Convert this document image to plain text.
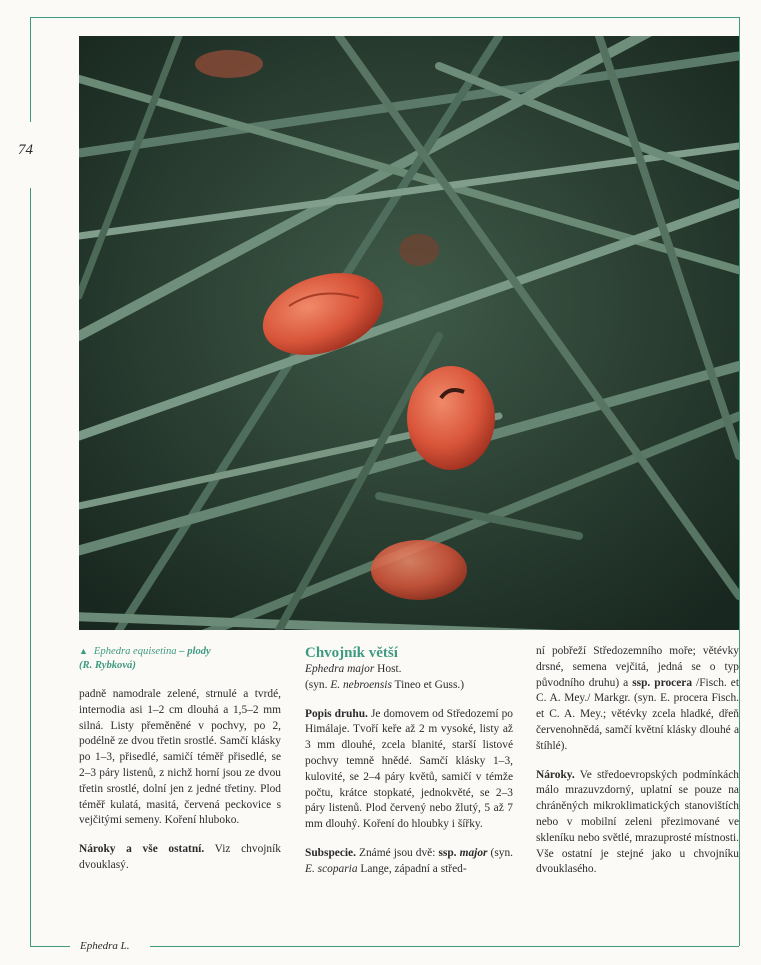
74

▲ Ephedra equisetina – plody
(R. Rybková)

padně namodrale zelené, strnulé a tvrdé, internodia asi 1–2 cm dlouhá a 1,5–2 mm silná. Listy přeměněné v pochvy, po 2, podélně ze dvou třetin srostlé. Samčí klásky po 1–3, přisedlé, samičí téměř přisedlé, se 2–3 páry listenů, z nichž horní jsou ze dvou třetin srostlé, dolní jen z jedné třetiny. Plod téměř kulatá, masitá, červená peckovice s vejčitými semeny. Koření hluboko.

Nároky a vše ostatní. Viz chvojník dvouklasý.

Chvojník větší

Ephedra major Host.
(syn. E. nebroensis Tineo et Guss.)

Popis druhu. Je domovem od Středozemí po Himálaje. Tvoří keře až 2 m vysoké, listy až 3 mm dlouhé, zcela blanité, starší listové pochvy temně hnědé. Samčí klásky 1–3, kulovité, se 2–4 páry květů, samičí v témže počtu, krátce stopkaté, jednokvěté, se 2–3 páry listenů. Plod červený nebo žlutý, 5 až 7 mm dlouhý. Koření do hloubky i šířky.

Subspecie. Známé jsou dvě: ssp. major (syn. E. scoparia Lange, západní a střed-

ní pobřeží Středozemního moře; větévky drsné, semena vejčitá, jedná se o typ původního druhu) a ssp. procera /Fisch. et C. A. Mey./ Markgr. (syn. E. procera Fisch. et C. A. Mey.; větévky zcela hladké, dřeň červenohnědá, samčí květní klásky dlouhé a štíhlé).

Nároky. Ve středoevropských podmínkách málo mrazuvzdorný, uplatní se pouze na chráněných mikroklimatických stanovištích nebo v mobilní zeleni přezimované ve skleníku nebo světlé, mrazuprosté místnosti. Vše ostatní je stejné jako u chvojníku dvouklasého.

Ephedra L.
